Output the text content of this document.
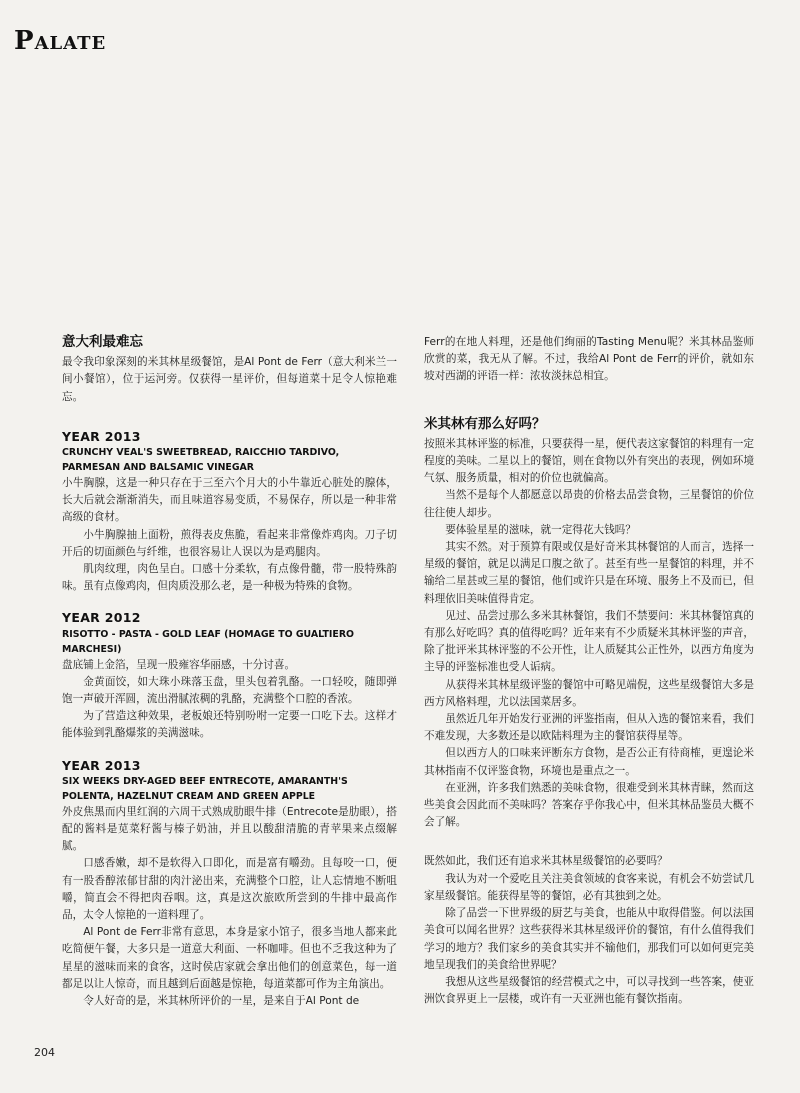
PALATE
意大利最难忘

最令我印象深刻的米其林星级餐馆，是Al Pont de Ferr（意大利米兰一间小餐馆），位于运河旁。仅获得一星评价，但每道菜十足令人惊艳难忘。

YEAR 2013
CRUNCHY VEAL'S SWEETBREAD, RAICCHIO TARDIVO, PARMESAN AND BALSAMIC VINEGAR

小牛胸腺，这是一种只存在于三至六个月大的小牛靠近心脏处的腺体，长大后就会渐渐消失，而且味道容易变质，不易保存，所以是一种非常高级的食材。

小牛胸腺抽上面粉，煎得表皮焦脆，看起来非常像炸鸡肉。刀子切开后的切面颜色与纤维，也很容易让人误以为是鸡腿肉。

肌肉纹理，肉色呈白。口感十分柔软，有点像骨髓，带一股特殊韵味。虽有点像鸡肉，但肉质没那么老，是一种极为特殊的食物。

YEAR 2012
RISOTTO - PASTA - GOLD LEAF (HOMAGE TO GUALTIERO MARCHESI)

盘底铺上金箔，呈现一股雍容华丽感，十分讨喜。

金黄面饺，如大珠小珠落玉盘，里头包着乳酪。一口轻咬，随即弹饱一声破开浑圆，流出滑腻浓稠的乳酪，充满整个口腔的香浓。

为了营造这种效果，老板娘还特别吩咐一定要一口吃下去。这样才能体验到乳酪爆浆的美满滋味。

YEAR 2013
SIX WEEKS DRY-AGED BEEF ENTRECOTE, AMARANTH'S POLENTA, HAZELNUT CREAM AND GREEN APPLE

外皮焦黑而内里红润的六周干式熟成肋眼牛排（Entrecote是肋眼），搭配的酱料是苋菜籽酱与榛子奶油，并且以酸甜清脆的青苹果来点缀解腻。

口感香嫩，却不是软得入口即化，而是富有嚼劲。且每咬一口，便有一股香醇浓郁甘甜的肉汁泌出来，充满整个口腔，让人忘情地不断咀嚼，简直会不得把肉吞咽。这，真是这次旅欧所尝到的牛排中最高作品，太令人惊艳的一道料理了。

Al Pont de Ferr非常有意思，本身是家小馆子，很多当地人都来此吃简便午餐，大多只是一道意大利面、一杯咖啡。但也不乏我这种为了星星的滋味而来的食客，这时侯店家就会拿出他们的创意菜色，每一道都足以让人惊奇，而且越到后面越是惊艳，每道菜都可作为主角演出。

令人好奇的是，米其林所评价的一星，是来自于Al Pont de

Ferr的在地人料理，还是他们绚丽的Tasting Menu呢？米其林品鉴师欣赏的菜，我无从了解。不过，我给Al Pont de Ferr的评价，就如东坡对西湖的评语一样：浓妆淡抹总相宜。

米其林有那么好吗？

按照米其林评鉴的标准，只要获得一星，便代表这家餐馆的料理有一定程度的美味。二星以上的餐馆，则在食物以外有突出的表现，例如环境气氛、服务质量，相对的价位也就偏高。

当然不是每个人都愿意以昂贵的价格去品尝食物，三星餐馆的价位往往使人却步。

要体验星星的滋味，就一定得花大钱吗？

其实不然。对于预算有限或仅是好奇米其林餐馆的人而言，选择一星级的餐馆，就足以满足口腹之欲了。甚至有些一星餐馆的料理，并不输给二星甚或三星的餐馆，他们或许只是在环境、服务上不及而已，但料理依旧美味值得肯定。

见过、品尝过那么多米其林餐馆，我们不禁要问：米其林餐馆真的有那么好吃吗？真的值得吃吗？近年来有不少质疑米其林评鉴的声音，除了批评米其林评鉴的不公开性，让人质疑其公正性外，以西方角度为主导的评鉴标准也受人诟病。

从获得米其林星级评鉴的餐馆中可略见端倪，这些星级餐馆大多是西方风格料理，尤以法国菜居多。

虽然近几年开始发行亚洲的评鉴指南，但从入选的餐馆来看，我们不难发现，大多数还是以欧陆料理为主的餐馆获得星等。

但以西方人的口味来评断东方食物，是否公正有待商榷，更遑论米其林指南不仅评鉴食物，环境也是重点之一。

在亚洲，许多我们熟悉的美味食物，很难受到米其林青睐，然而这些美食会因此而不美味吗？答案存乎你我心中，但米其林品鉴员大概不会了解。

既然如此，我们还有追求米其林星级餐馆的必要吗？

我认为对一个爱吃且关注美食领域的食客来说，有机会不妨尝试几家星级餐馆。能获得星等的餐馆，必有其独到之处。

除了品尝一下世界级的厨艺与美食，也能从中取得借鉴。何以法国美食可以闻名世界？这些获得米其林星级评价的餐馆，有什么值得我们学习的地方？我们家乡的美食其实并不输他们，那我们可以如何更完美地呈现我们的美食给世界呢？

我想从这些星级餐馆的经营模式之中，可以寻找到一些答案，使亚洲饮食界更上一层楼，或许有一天亚洲也能有餐饮指南。

204
